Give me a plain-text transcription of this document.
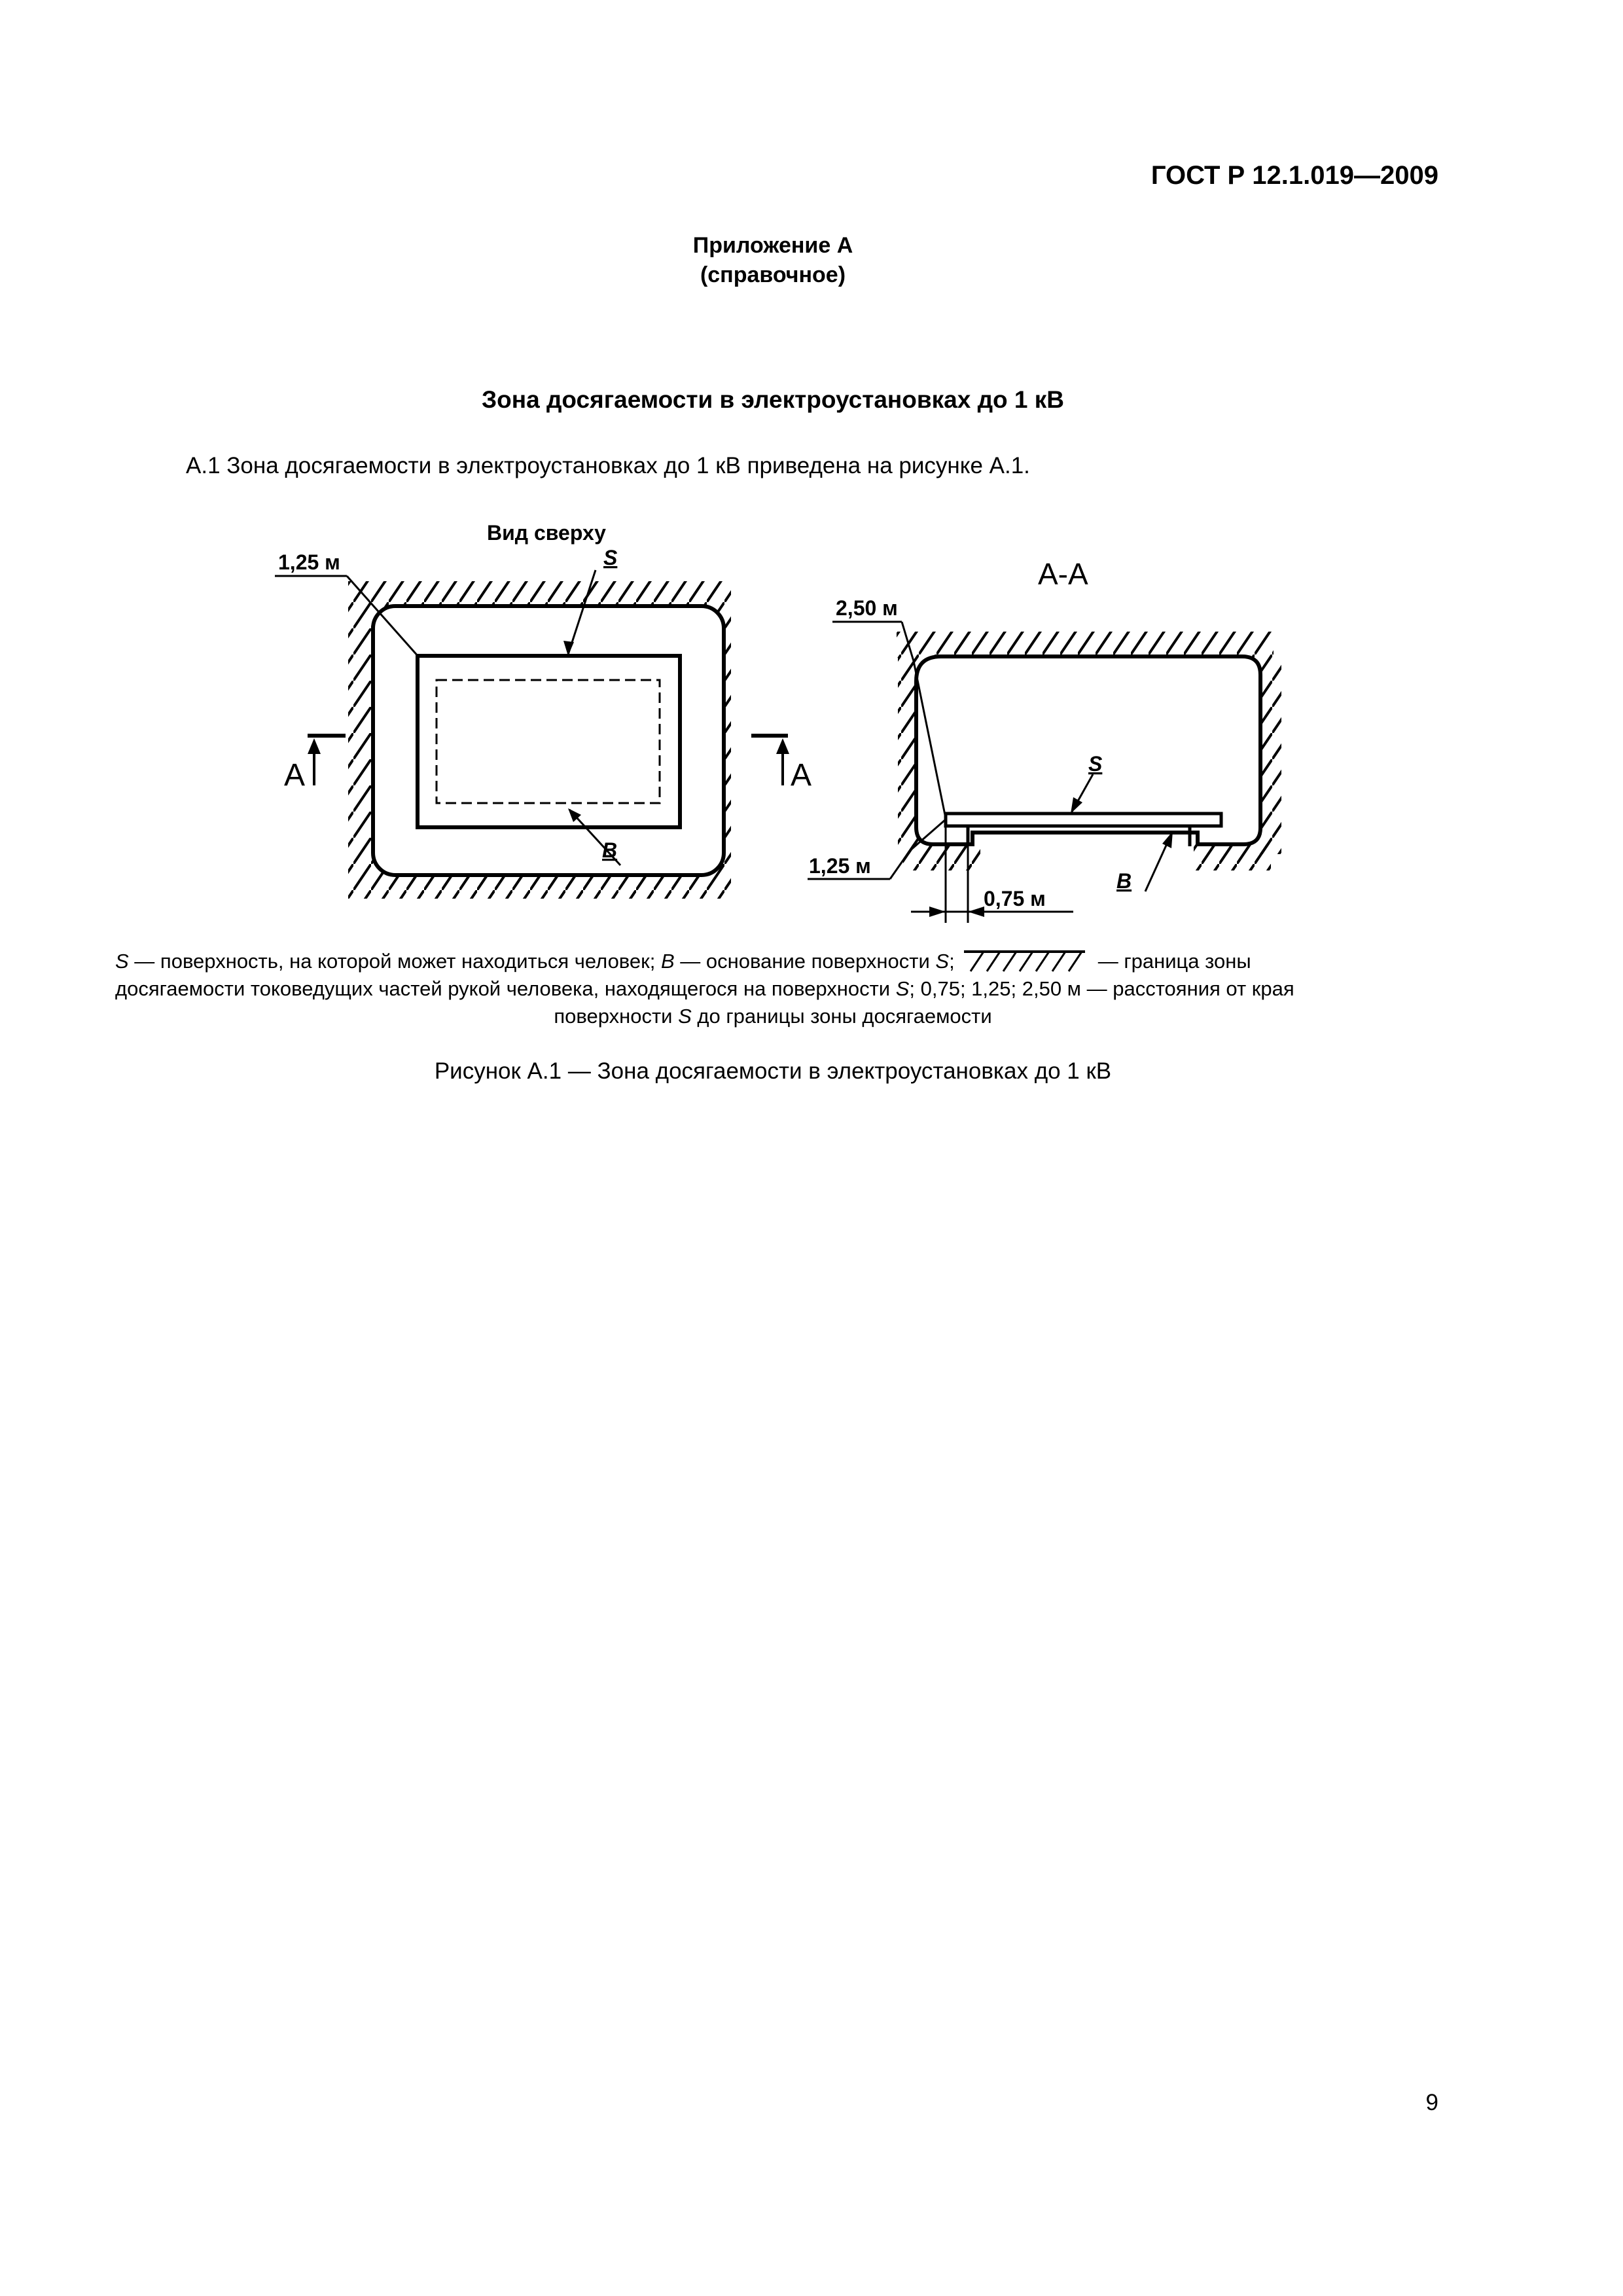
ГОСТ Р 12.1.019—2009
Приложение А
(справочное)
Зона досягаемости в электроустановках до 1 кВ
А.1 Зона досягаемости в электроустановках до 1 кВ приведена на рисунке А.1.
1,25 м
Вид сверху
S
B
А	А
А-А
2,50 м
1,25 м
0,75 м
S
B
S — поверхность, на которой может находиться человек; B — основание поверхности S;	— граница зоны
досягаемости токоведущих частей рукой человека, находящегося на поверхности S; 0,75; 1,25; 2,50 м — расстояния от края
поверхности S до границы зоны досягаемости
Рисунок А.1 — Зона досягаемости в электроустановках до 1 кВ
9
